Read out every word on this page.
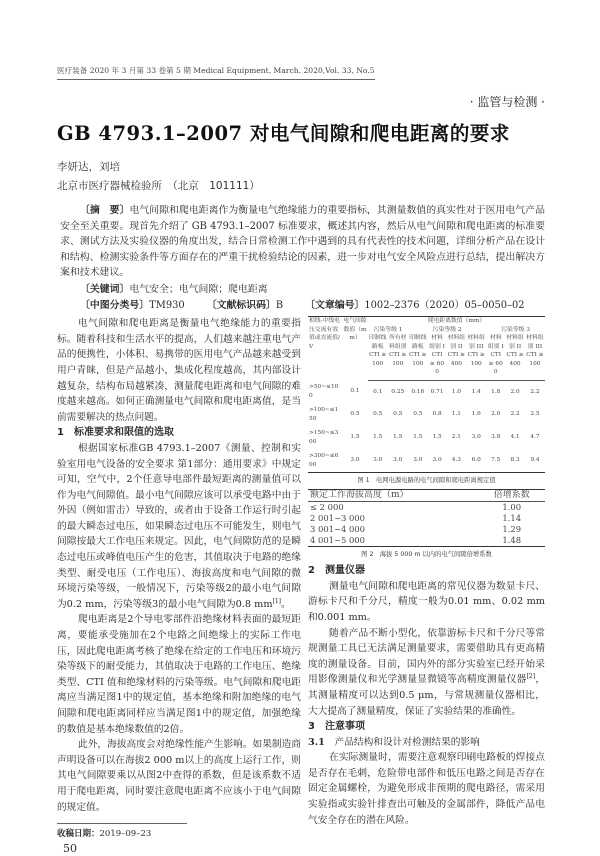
医疗装备 2020 年 3 月第 33 卷第 5 期 Medical Equipment, March. 2020,Vol. 33, No.5
· 监管与检测 ·
GB 4793.1–2007 对电气间隙和爬电距离的要求
李妍达，刘培
北京市医疗器械检验所　（北京　101111）
〔摘　要〕电气间隙和爬电距离作为衡量电气绝缘能力的重要指标，其测量数值的真实性对于医用电气产品安全至关重要。现首先介绍了 GB 4793.1–2007 标准要求，概述其内容，然后从电气间隙和爬电距离的标准要求、测试方法及实验仪器的角度出发，结合日常检测工作中遇到的具有代表性的技术问题，详细分析产品在设计和结构、检测实验条件等方面存在的严重干扰检验结论的因素，进一步对电气安全风险点进行总结，提出解决方案和技术建议。
〔关键词〕电气安全；电气间隙；爬电距离
〔中图分类号〕TM930 〔文献标识码〕B 〔文章编号〕1002–2376（2020）05–0050–02

电气间隙和爬电距离是衡量电气绝缘能力的重要指标。随着科技和生活水平的提高，人们越来越注重电气产品的便携性，小体积、易携带的医用电气产品越来越受到用户青睐，但是产品越小，集成化程度越高，其内部设计越复杂，结构布局越紧凑，测量爬电距离和电气间隙的难度越来越高。如何正确测量电气间隙和爬电距离值，是当前需要解决的热点问题。

1　标准要求和限值的选取

根据国家标准GB 4793.1–2007《测量、控制和实验室用电气设备的安全要求 第1部分：通用要求》中规定可知，空气中，2个任意导电部件最短距离的测量值可以作为电气间隙值。最小电气间隙应该可以承受电路中由于外因（例如雷击）导致的，或者由于设备工作运行时引起的最大瞬态过电压，如果瞬态过电压不可能发生，则电气间隙按最大工作电压来规定。因此，电气间隙防范的是瞬态过电压或峰值电压产生的危害，其值取决于电路的绝缘类型、耐受电压（工作电压）、海拔高度和电气间隙的微环境污染等级，一般情况下，污染等级2的最小电气间隙为0.2 mm，污染等级3的最小电气间隙为0.8 mm[1]。

爬电距离是2个导电零部件沿绝缘材料表面的最短距离，要能承受施加在2个电路之间绝缘上的实际工作电压，因此爬电距离考核了绝缘在给定的工作电压和环境污染等级下的耐受能力，其值取决于电路的工作电压、绝缘类型、CTI 值和绝缘材料的污染等级。电气间隙和爬电距离应当满足图1中的规定值，基本绝缘和附加绝缘的电气间隙和爬电距离同样应当满足图1中的规定值，加强绝缘的数值是基本绝缘数值的2倍。

此外，海拔高度会对绝缘性能产生影响。如果制造商声明设备可以在海拔2 000 m以上的高度上运行工作，则其电气间隙要乘以从图2中查得的系数，但是该系数不适用于爬电距离，同时要注意爬电距离不应该小于电气间隙的规定值。

收稿日期：2019–09–23
50
相线-中线电压交流有效值或直流值/V	电气间隙数值（mm）	爬电距离数值（mm）								
		污染等级 1		污染等级 2				污染等级 3		
		印制线路板 CTI ≥ 100	所有材料组别 CTI ≥ 100	印制线路板 CTI ≥ 100	材料组别 I CTI ≥ 600	材料组别 II CTI ≥ 400	材料组别 III CTI ≥ 100	材料组别 I CTI ≥ 600	材料组别 II CTI ≥ 400	材料组别 III CTI ≥ 100
>50~≤100	0.1	0.1	0.25	0.16	0.71	1.0	1.4	1.8	2.0	2.2
>100~≤150	0.5	0.5	0.5	0.5	0.8	1.1	1.6	2.0	2.2	2.5
>150~≤300	1.5	1.5	1.5	1.5	1.5	2.1	3.0	3.8	4.1	4.7
>300~≤600	3.0	3.0	3.0	3.0	3.0	4.3	6.0	7.5	8.3	9.4
图 1　电网电源电路的电气间隙和爬电距离规定值
额定工作海拔高度（m）	倍增系数
≤ 2 000	1.00
2 001~3 000	1.14
3 001~4 000	1.29
4 001~5 000	1.48
图 2　海拔 5 000 m 以内的电气间隙倍增系数
2　测量仪器

测量电气间隙和爬电距离的常见仪器为数显卡尺、游标卡尺和千分尺，精度一般为0.01 mm、0.02 mm 和0.001 mm。

随着产品不断小型化，依靠游标卡尺和千分尺等常规测量工具已无法满足测量要求，需要借助具有更高精度的测量设备。目前，国内外的部分实验室已经开始采用影像测量仪和光学测量显微镜等高精度测量仪器[2]，其测量精度可以达到0.5 μm，与常规测量仪器相比，大大提高了测量精度，保证了实验结果的准确性。

3　注意事项
3.1　产品结构和设计对检测结果的影响

在实际测量时，需要注意观察印刷电路板的焊接点是否存在毛刺，危险带电部件和低压电路之间是否存在固定金属螺栓，为避免形成非预期的爬电路径，需采用实验指或实验针排查出可触及的金属部件，降低产品电气安全存在的潜在风险。
